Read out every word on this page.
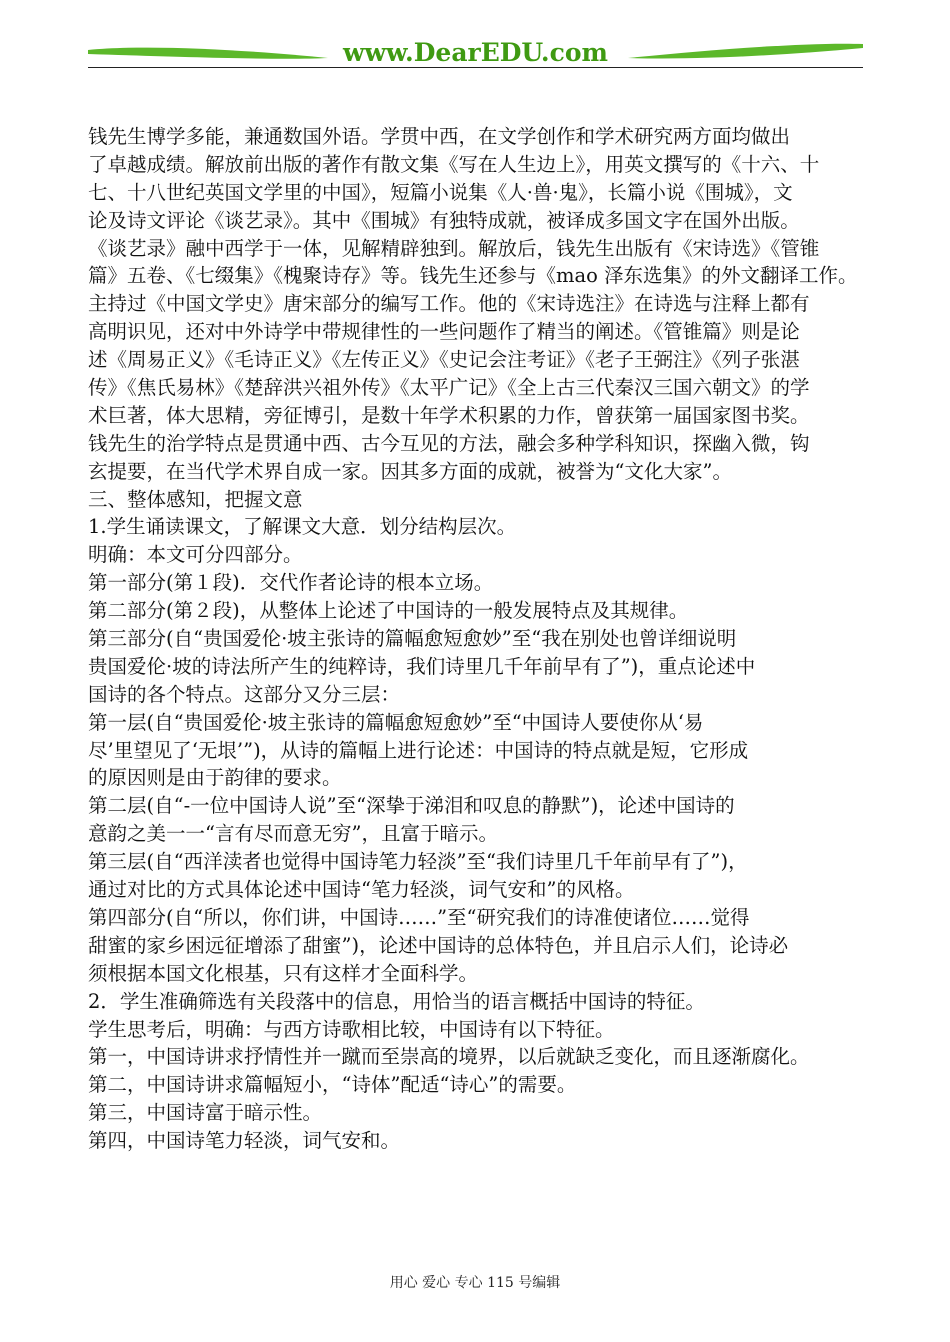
www.DearEDU.com
钱先生博学多能，兼通数国外语。学贯中西，在文学创作和学术研究两方面均做出
了卓越成绩。解放前出版的著作有散文集《写在人生边上》，用英文撰写的《十六、十
七、十八世纪英国文学里的中国》，短篇小说集《人·兽·鬼》，长篇小说《围城》，文
论及诗文评论《谈艺录》。其中《围城》有独特成就，被译成多国文字在国外出版。
《谈艺录》融中西学于一体，见解精辟独到。解放后，钱先生出版有《宋诗选》《管锥
篇》五卷、《七缀集》《槐聚诗存》等。钱先生还参与《mao 泽东选集》的外文翻译工作。
主持过《中国文学史》唐宋部分的编写工作。他的《宋诗选注》在诗选与注释上都有
高明识见，还对中外诗学中带规律性的一些问题作了精当的阐述。《管锥篇》则是论
述《周易正义》《毛诗正义》《左传正义》《史记会注考证》《老子王弼注》《列子张湛
传》《焦氏易林》《楚辞洪兴祖外传》《太平广记》《全上古三代秦汉三国六朝文》的学
术巨著，体大思精，旁征博引，是数十年学术积累的力作，曾获第一届国家图书奖。
钱先生的治学特点是贯通中西、古今互见的方法，融会多种学科知识，探幽入微，钩
玄提要，在当代学术界自成一家。因其多方面的成就，被誉为“文化大家”。
三、整体感知，把握文意
1.学生诵读课文，了解课文大意．划分结构层次。
明确：本文可分四部分。
第一部分(第１段)．交代作者论诗的根本立场。
第二部分(第２段)，从整体上论述了中国诗的一般发展特点及其规律。
第三部分(自“贵国爱伦·坡主张诗的篇幅愈短愈妙”至“我在别处也曾详细说明
贵国爱伦·坡的诗法所产生的纯粹诗，我们诗里几千年前早有了”)，重点论述中
国诗的各个特点。这部分又分三层：
第一层(自“贵国爱伦·坡主张诗的篇幅愈短愈妙”至“中国诗人要使你从‘易
尽’里望见了‘无垠’”)，从诗的篇幅上进行论述：中国诗的特点就是短，它形成
的原因则是由于韵律的要求。
第二层(自“-一位中国诗人说”至“深挚于涕泪和叹息的静默”)，论述中国诗的
意韵之美一一“言有尽而意无穷”，且富于暗示。
第三层(自“西洋渎者也觉得中国诗笔力轻淡”至“我们诗里几千年前早有了”)，
通过对比的方式具体论述中国诗“笔力轻淡，词气安和”的风格。
第四部分(自“所以，你们讲，中国诗……”至“研究我们的诗准使诸位……觉得
甜蜜的家乡困远征增添了甜蜜”)，论述中国诗的总体特色，并且启示人们，论诗必
须根据本国文化根基，只有这样才全面科学。
2．学生准确筛选有关段落中的信息，用恰当的语言概括中国诗的特征。
学生思考后，明确：与西方诗歌相比较，中国诗有以下特征。
第一，中国诗讲求抒情性并一蹴而至崇高的境界，以后就缺乏变化，而且逐渐腐化。
第二，中国诗讲求篇幅短小，“诗体”配适“诗心”的需要。
第三，中国诗富于暗示性。
第四，中国诗笔力轻淡，词气安和。
用心 爱心 专心 115 号编辑
